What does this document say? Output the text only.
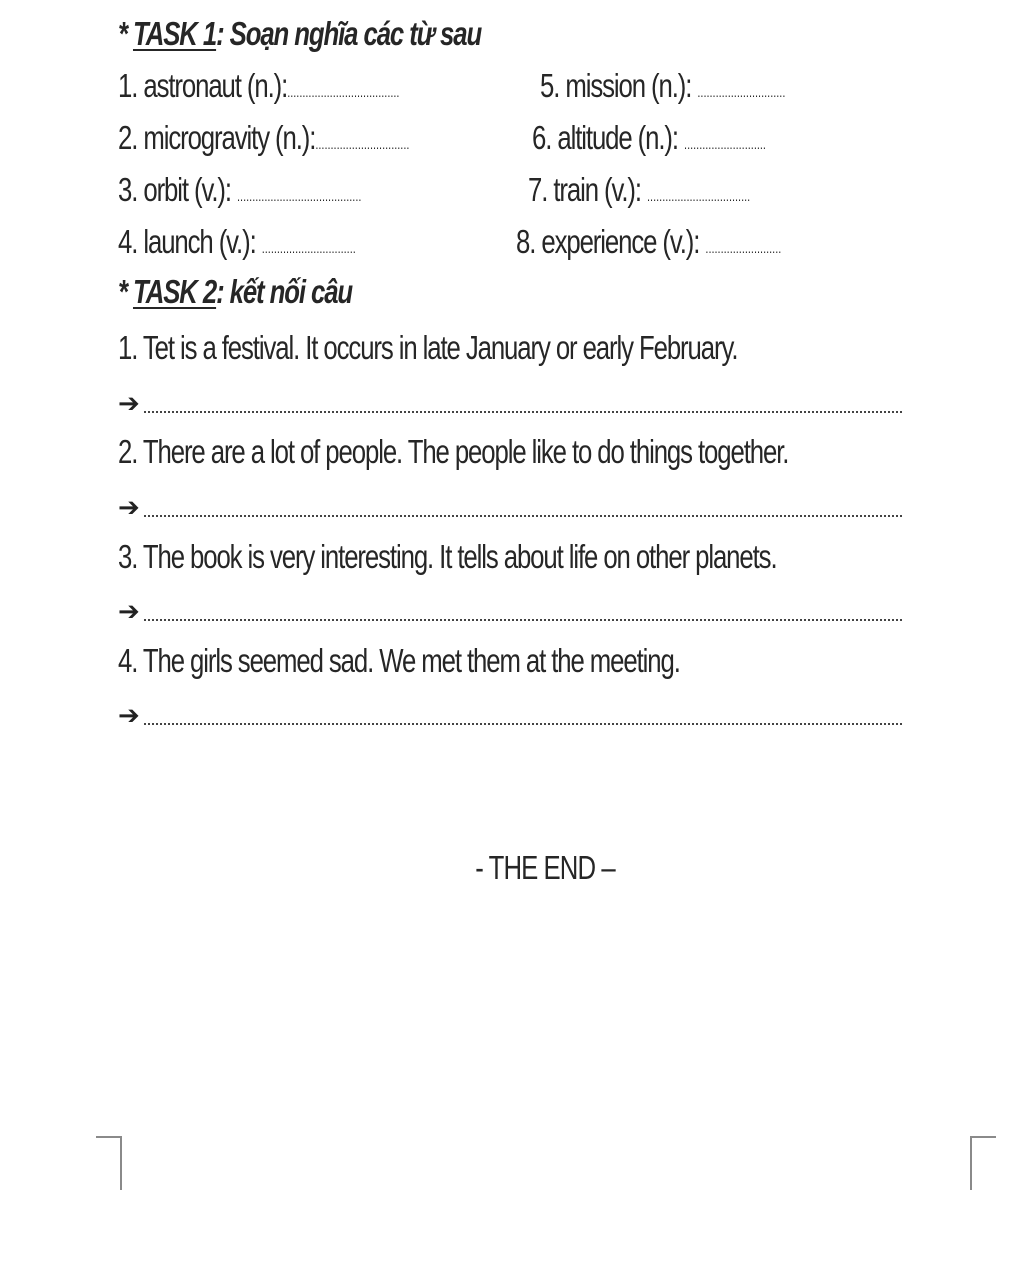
* TASK 1: Soạn nghĩa các từ sau
1. astronaut (n.):.....................................
2. microgravity (n.):...............................
3. orbit (v.): .........................................
4. launch (v.): ...............................
5. mission (n.): .............................
6. altitude (n.): ...........................
7. train (v.): ..................................
8. experience (v.): .........................
* TASK 2: kết nối câu
1. Tet is a festival. It occurs in late January or early February.
➔
2. There are a lot of people. The people like to do things together.
➔
3. The book is very interesting. It tells about life on other planets.
➔
4. The girls seemed sad. We met them at the meeting.
➔
- THE END –
